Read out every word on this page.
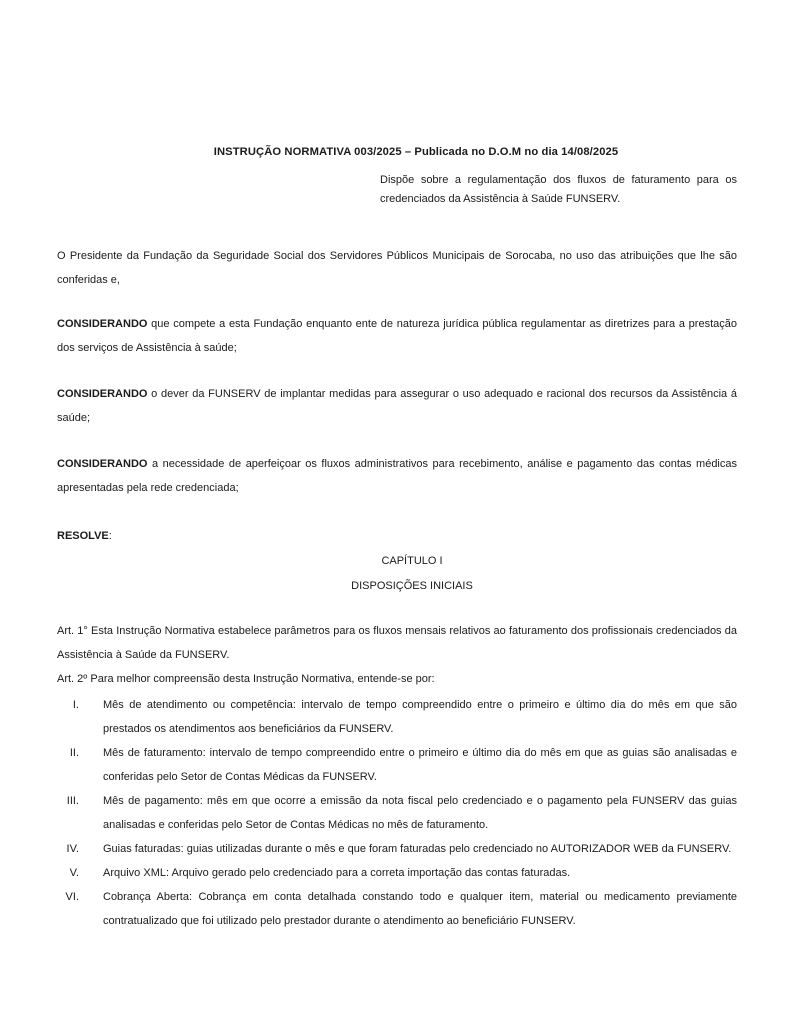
INSTRUÇÃO NORMATIVA 003/2025 – Publicada no D.O.M no dia 14/08/2025

Dispõe sobre a regulamentação dos fluxos de faturamento para os credenciados da Assistência à Saúde FUNSERV.

O Presidente da Fundação da Seguridade Social dos Servidores Públicos Municipais de Sorocaba, no uso das atribuições que lhe são conferidas e,

CONSIDERANDO que compete a esta Fundação enquanto ente de natureza jurídica pública regulamentar as diretrizes para a prestação dos serviços de Assistência à saúde;

CONSIDERANDO o dever da FUNSERV de implantar medidas para assegurar o uso adequado e racional dos recursos da Assistência á saúde;

CONSIDERANDO a necessidade de aperfeiçoar os fluxos administrativos para recebimento, análise e pagamento das contas médicas apresentadas pela rede credenciada;

RESOLVE:

CAPÍTULO I

DISPOSIÇÕES INICIAIS

Art. 1° Esta Instrução Normativa estabelece parâmetros para os fluxos mensais relativos ao faturamento dos profissionais credenciados da Assistência à Saúde da FUNSERV.

Art. 2º Para melhor compreensão desta Instrução Normativa, entende-se por:

I. Mês de atendimento ou competência: intervalo de tempo compreendido entre o primeiro e último dia do mês em que são prestados os atendimentos aos beneficiários da FUNSERV.
II. Mês de faturamento: intervalo de tempo compreendido entre o primeiro e último dia do mês em que as guias são analisadas e conferidas pelo Setor de Contas Médicas da FUNSERV.
III. Mês de pagamento: mês em que ocorre a emissão da nota fiscal pelo credenciado e o pagamento pela FUNSERV das guias analisadas e conferidas pelo Setor de Contas Médicas no mês de faturamento.
IV. Guias faturadas: guias utilizadas durante o mês e que foram faturadas pelo credenciado no AUTORIZADOR WEB da FUNSERV.
V. Arquivo XML: Arquivo gerado pelo credenciado para a correta importação das contas faturadas.
VI. Cobrança Aberta: Cobrança em conta detalhada constando todo e qualquer item, material ou medicamento previamente contratualizado que foi utilizado pelo prestador durante o atendimento ao beneficiário FUNSERV.
